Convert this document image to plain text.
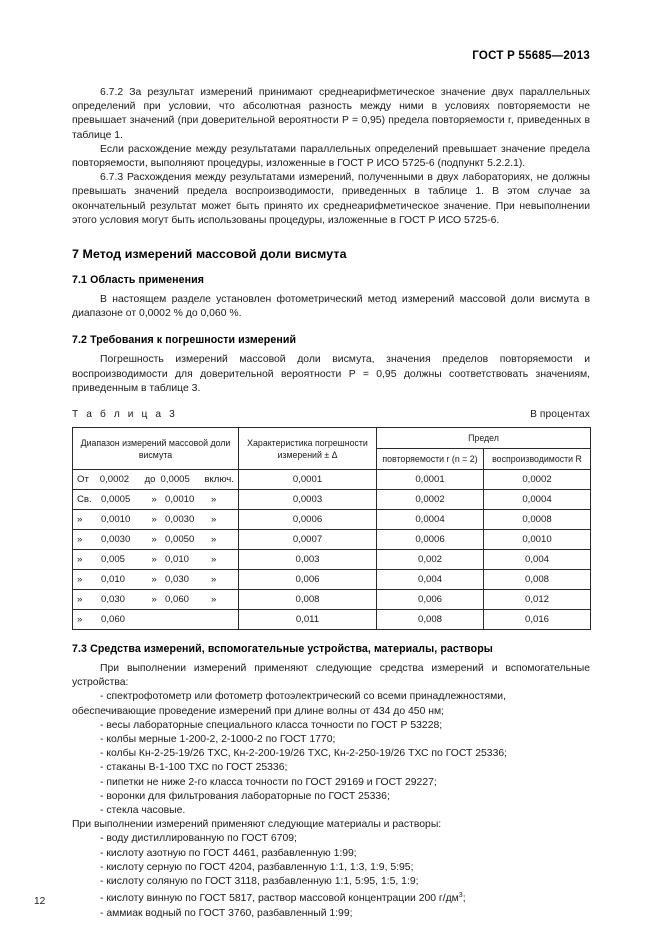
ГОСТ Р 55685—2013

6.7.2 За результат измерений принимают среднеарифметическое значение двух параллельных определений при условии, что абсолютная разность между ними в условиях повторяемости не превышает значений (при доверительной вероятности P = 0,95) предела повторяемости r, приведенных в таблице 1.

Если расхождение между результатами параллельных определений превышает значение предела повторяемости, выполняют процедуры, изложенные в ГОСТ Р ИСО 5725-6 (подпункт 5.2.2.1).

6.7.3 Расхождения между результатами измерений, полученными в двух лабораториях, не должны превышать значений предела воспроизводимости, приведенных в таблице 1. В этом случае за окончательный результат может быть принято их среднеарифметическое значение. При невыполнении этого условия могут быть использованы процедуры, изложенные в ГОСТ Р ИСО 5725-6.

7 Метод измерений массовой доли висмута
7.1 Область применения

В настоящем разделе установлен фотометрический метод измерений массовой доли висмута в диапазоне от 0,0002 % до 0,060 %.

7.2 Требования к погрешности измерений

Погрешность измерений массовой доли висмута, значения пределов повторяемости и воспроизводимости для доверительной вероятности P = 0,95 должны соответствовать значениям, приведенным в таблице 3.

Т а б л и ц а 3	В процентах
Диапазон измерений массовой доли висмута	Характеристика погрешности измерений ± Δ	Предел	
		повторяемости r (n = 2)	воспроизводимости R

От 0,0002 до 0,0005 включ.	0,0001	0,0001	0,0002

Св. 0,0005 » 0,0010 »	0,0003	0,0002	0,0004

» 0,0010 » 0,0030 »	0,0006	0,0004	0,0008

» 0,0030 » 0,0050 »	0,0007	0,0006	0,0010

» 0,005 » 0,010 »	0,003	0,002	0,004

» 0,010 » 0,030 »	0,006	0,004	0,008

» 0,030 » 0,060 »	0,008	0,006	0,012

» 0,060	0,011	0,008	0,016
7.3 Средства измерений, вспомогательные устройства, материалы, растворы

При выполнении измерений применяют следующие средства измерений и вспомогательные устройства:

- спектрофотометр или фотометр фотоэлектрический со всеми принадлежностями, обеспечивающие проведение измерений при длине волны от 434 до 450 нм;
- весы лабораторные специального класса точности по ГОСТ Р 53228;
- колбы мерные 1-200-2, 2-1000-2 по ГОСТ 1770;
- колбы Кн-2-25-19/26 ТХС, Кн-2-200-19/26 ТХС, Кн-2-250-19/26 ТХС по ГОСТ 25336;
- стаканы В-1-100 ТХС по ГОСТ 25336;
- пипетки не ниже 2-го класса точности по ГОСТ 29169 и ГОСТ 29227;
- воронки для фильтрования лабораторные по ГОСТ 25336;
- стекла часовые.
При выполнении измерений применяют следующие материалы и растворы:
- воду дистиллированную по ГОСТ 6709;
- кислоту азотную по ГОСТ 4461, разбавленную 1:99;
- кислоту серную по ГОСТ 4204, разбавленную 1:1, 1:3, 1:9, 5:95;
- кислоту соляную по ГОСТ 3118, разбавленную 1:1, 5:95, 1:5, 1:9;
- кислоту винную по ГОСТ 5817, раствор массовой концентрации 200 $г/дм^3$;
- аммиак водный по ГОСТ 3760, разбавленный 1:99;
12
